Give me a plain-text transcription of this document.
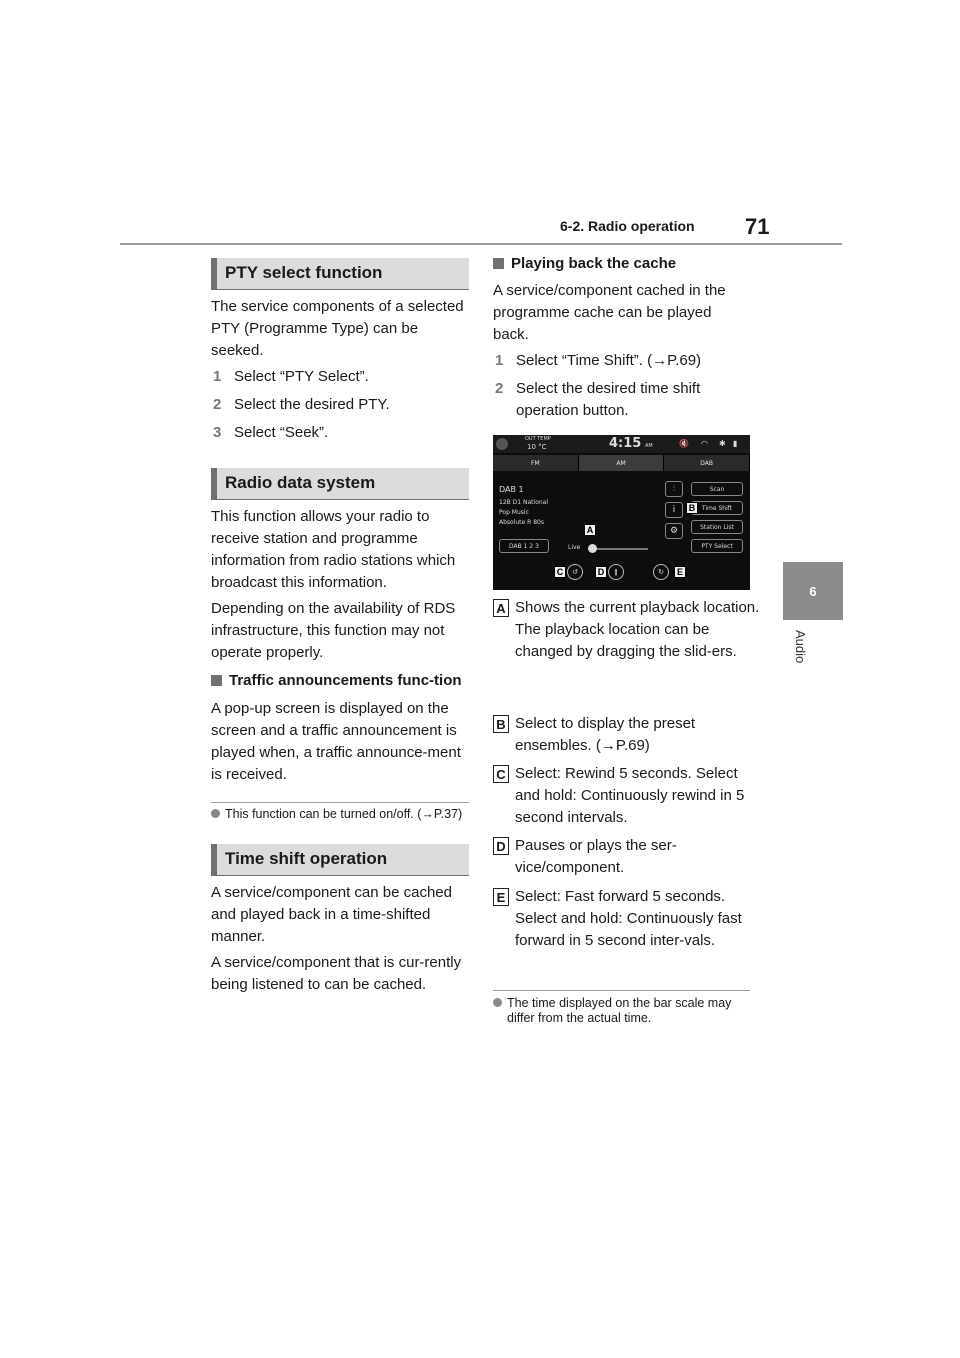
6-2. Radio operation 71
6
Audio
PTY select function

The service components of a selected PTY (Programme Type) can be seeked.

1 Select “PTY Select”.
2 Select the desired PTY.
3 Select “Seek”.
Radio data system

This function allows your radio to receive station and programme information from radio stations which broadcast this information.

Depending on the availability of RDS infrastructure, this function may not operate properly.

Traffic announcements func-tion

A pop-up screen is displayed on the screen and a traffic announcement is played when, a traffic announce-ment is received.

This function can be turned on/off. (→P.37)
Time shift operation

A service/component can be cached and played back in a time-shifted manner.

A service/component that is cur-rently being listened to can be cached.

Playing back the cache

A service/component cached in the programme cache can be played back.

1 Select “Time Shift”. (→P.69)
2 Select the desired time shift operation button.
OUT TEMP
10 °C	4:15 AM	🔇 ◠ ✱ ▮
FM	AM	DAB
DAB 1
12B D1 National
Pop Music
Absolute R 80s
DAB 1 2 3	Live
A
⫶
i
⚙
Scan
Time Shift
Station List
PTY Select
B
C	↺	D	ǁ	↻	E
A Shows the current playback location. The playback location can be changed by dragging the slid-ers.
B Select to display the preset ensembles. (→P.69)
C Select: Rewind 5 seconds. Select and hold: Continuously rewind in 5 second intervals.
D Pauses or plays the ser-vice/component.
E Select: Fast forward 5 seconds. Select and hold: Continuously fast forward in 5 second inter-vals.
The time displayed on the bar scale may differ from the actual time.
